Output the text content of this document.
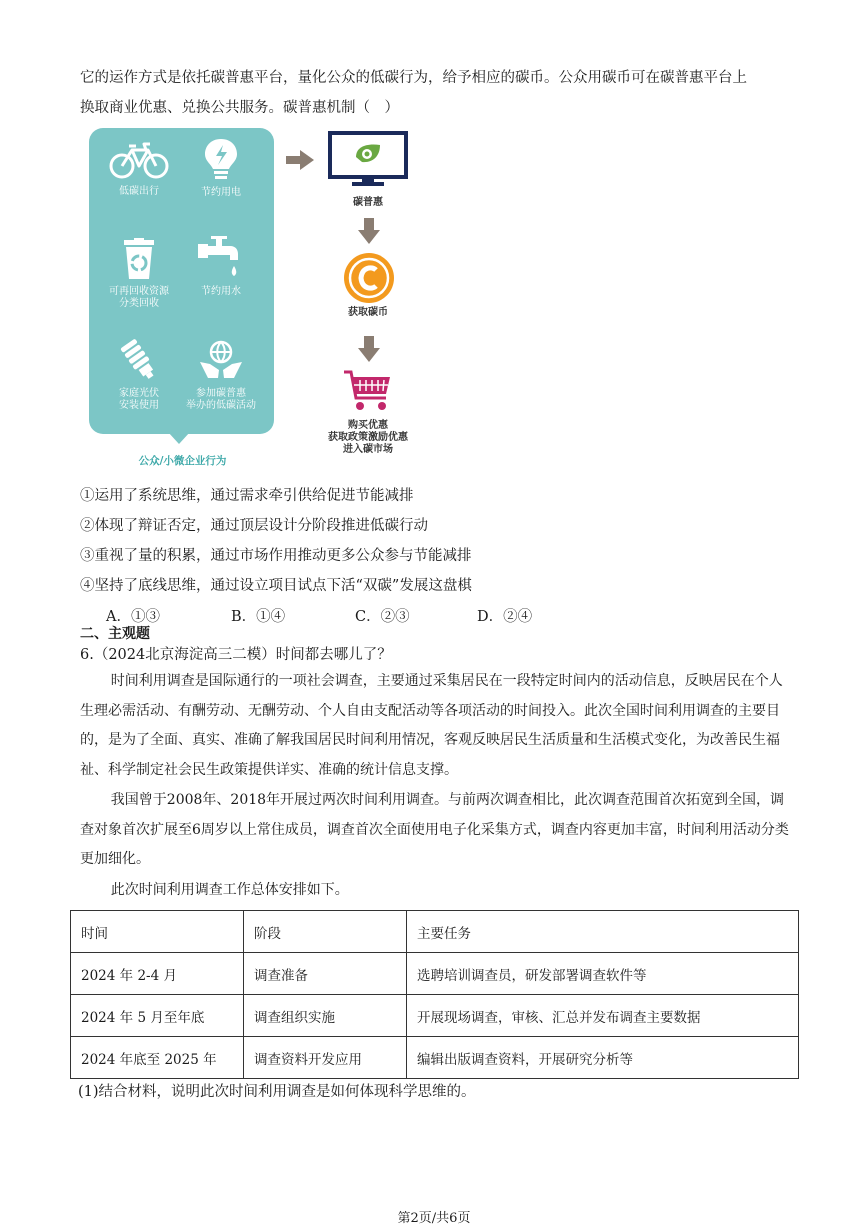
它的运作方式是依托碳普惠平台，量化公众的低碳行为，给予相应的碳币。公众用碳币可在碳普惠平台上
换取商业优惠、兑换公共服务。碳普惠机制（　）
低碳出行	节约用电
可再回收资源
分类回收
节约用水
家庭光伏
安装使用
参加碳普惠
举办的低碳活动
公众/小微企业行为
碳普惠
获取碳币
购买优惠
获取政策激励优惠
进入碳市场
①运用了系统思维，通过需求牵引供给促进节能减排
②体现了辩证否定，通过顶层设计分阶段推进低碳行动
③重视了量的积累，通过市场作用推动更多公众参与节能减排
④坚持了底线思维，通过设立项目试点下活“双碳”发展这盘棋
A．①③	B．①④	C．②③	D．②④
二、主观题
6.（2024北京海淀高三二模）时间都去哪儿了？
时间利用调查是国际通行的一项社会调查，主要通过采集居民在一段特定时间内的活动信息，反映居民在个人生理必需活动、有酬劳动、无酬劳动、个人自由支配活动等各项活动的时间投入。此次全国时间利用调查的主要目的，是为了全面、真实、准确了解我国居民时间利用情况，客观反映居民生活质量和生活模式变化，为改善民生福祉、科学制定社会民生政策提供详实、准确的统计信息支撑。
我国曾于2008年、2018年开展过两次时间利用调查。与前两次调查相比，此次调查范围首次拓宽到全国，调查对象首次扩展至6周岁以上常住成员，调查首次全面使用电子化采集方式，调查内容更加丰富，时间利用活动分类更加细化。
此次时间利用调查工作总体安排如下。
时间	阶段	主要任务
2024 年 2-4 月	调查准备	选聘培训调查员，研发部署调查软件等
2024 年 5 月至年底	调查组织实施	开展现场调查，审核、汇总并发布调查主要数据
2024 年底至 2025 年	调查资料开发应用	编辑出版调查资料，开展研究分析等
(1)结合材料，说明此次时间利用调查是如何体现科学思维的。
第2页/共6页
